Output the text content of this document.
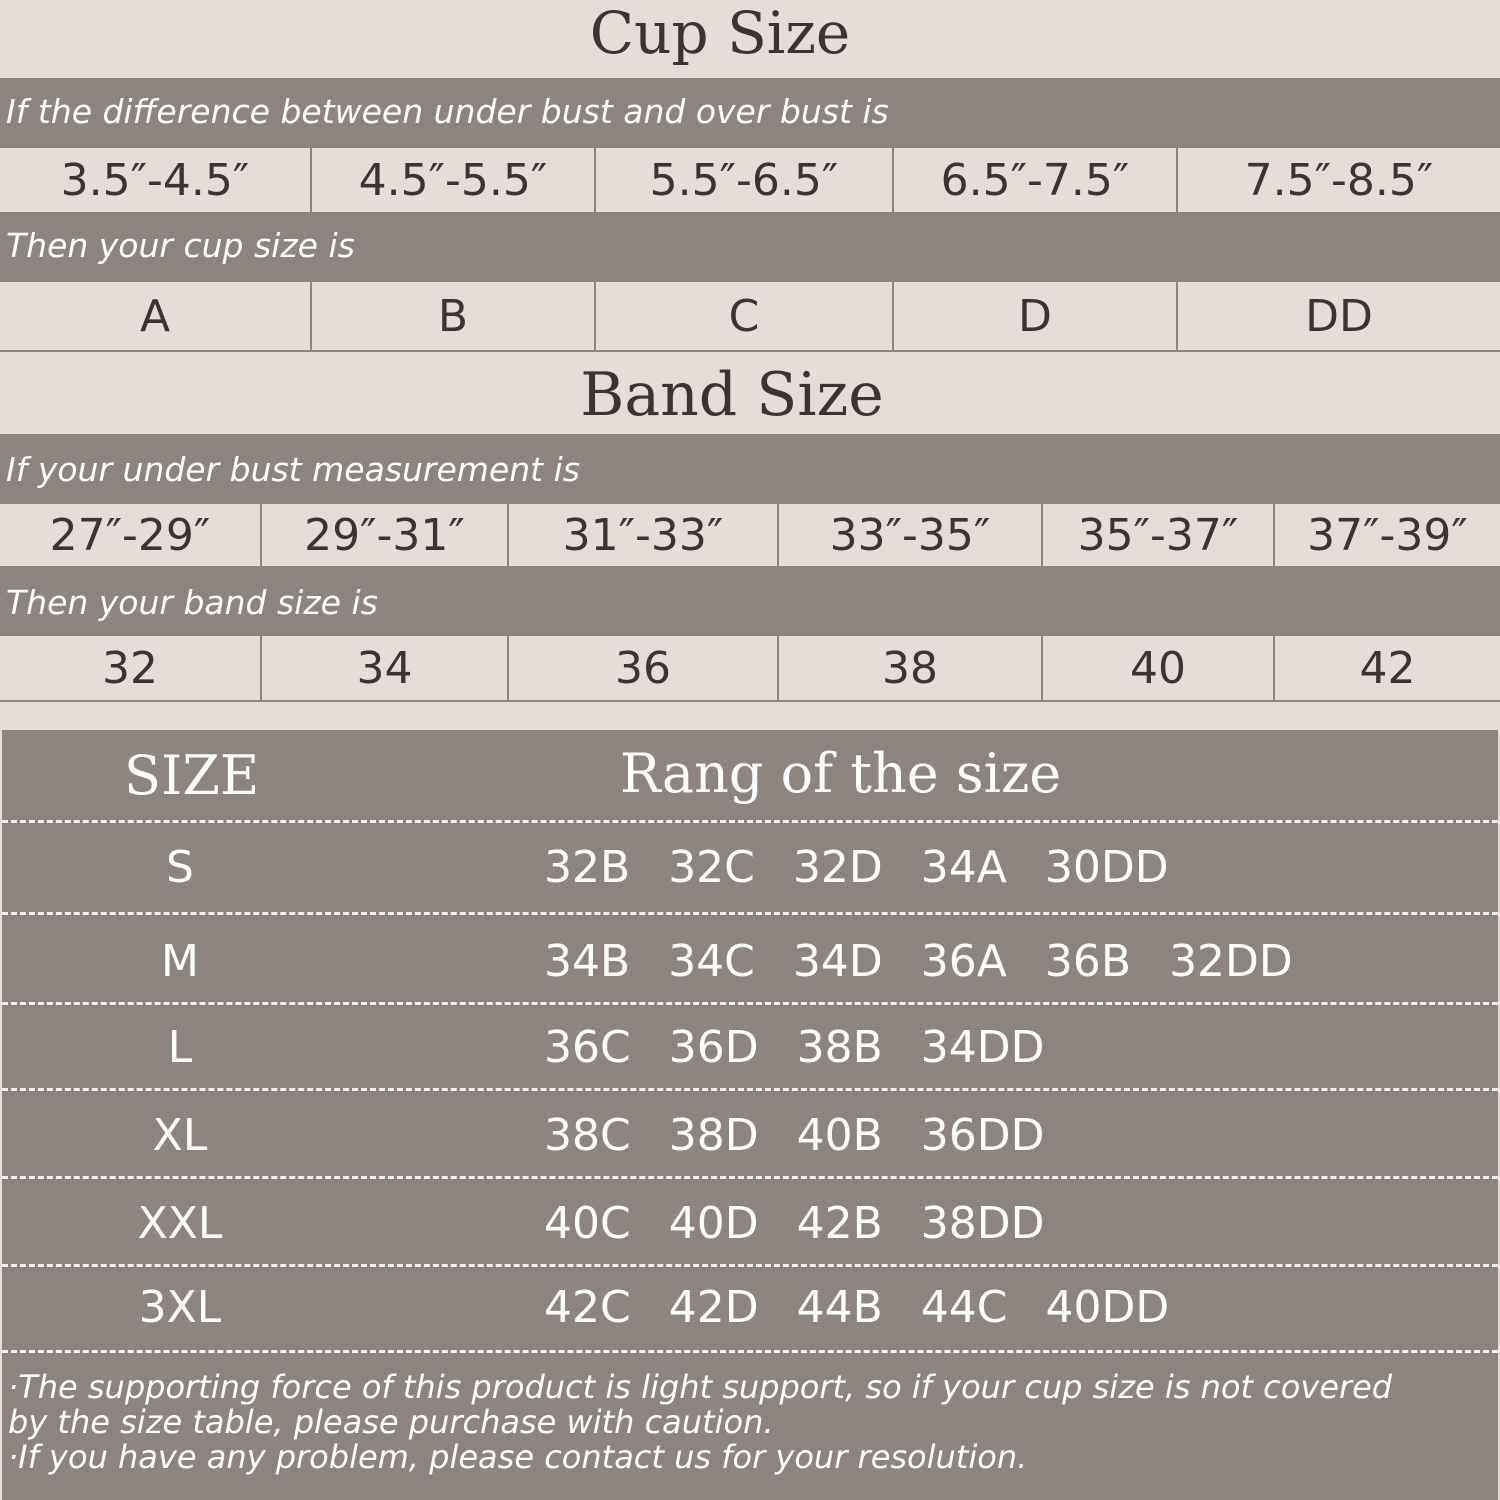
Cup Size
If the difference between under bust and over bust is
3.5″-4.5″ 4.5″-5.5″ 5.5″-6.5″ 6.5″-7.5″	7.5″-8.5″
Then your cup size is
A	B	C	D	DD
Band Size
If your under bust measurement is
27″-29″ 29″-31″ 31″-33″ 33″-35″ 35″-37″ 37″-39″
Then your band size is
32	34	36	38	40	42
SIZE	Rang of the size
S	32B 32C 32D 34A 30DD
M	34B 34C 34D 36A 36B 32DD
L	36C 36D 38B 34DD
XL	38C 38D 40B 36DD
XXL	40C 40D 42B 38DD
3XL	42C 42D 44B 44C 40DD
·The supporting force of this product is light support, so if your cup size is not covered
by the size table, please purchase with caution.
·If you have any problem, please contact us for your resolution.
